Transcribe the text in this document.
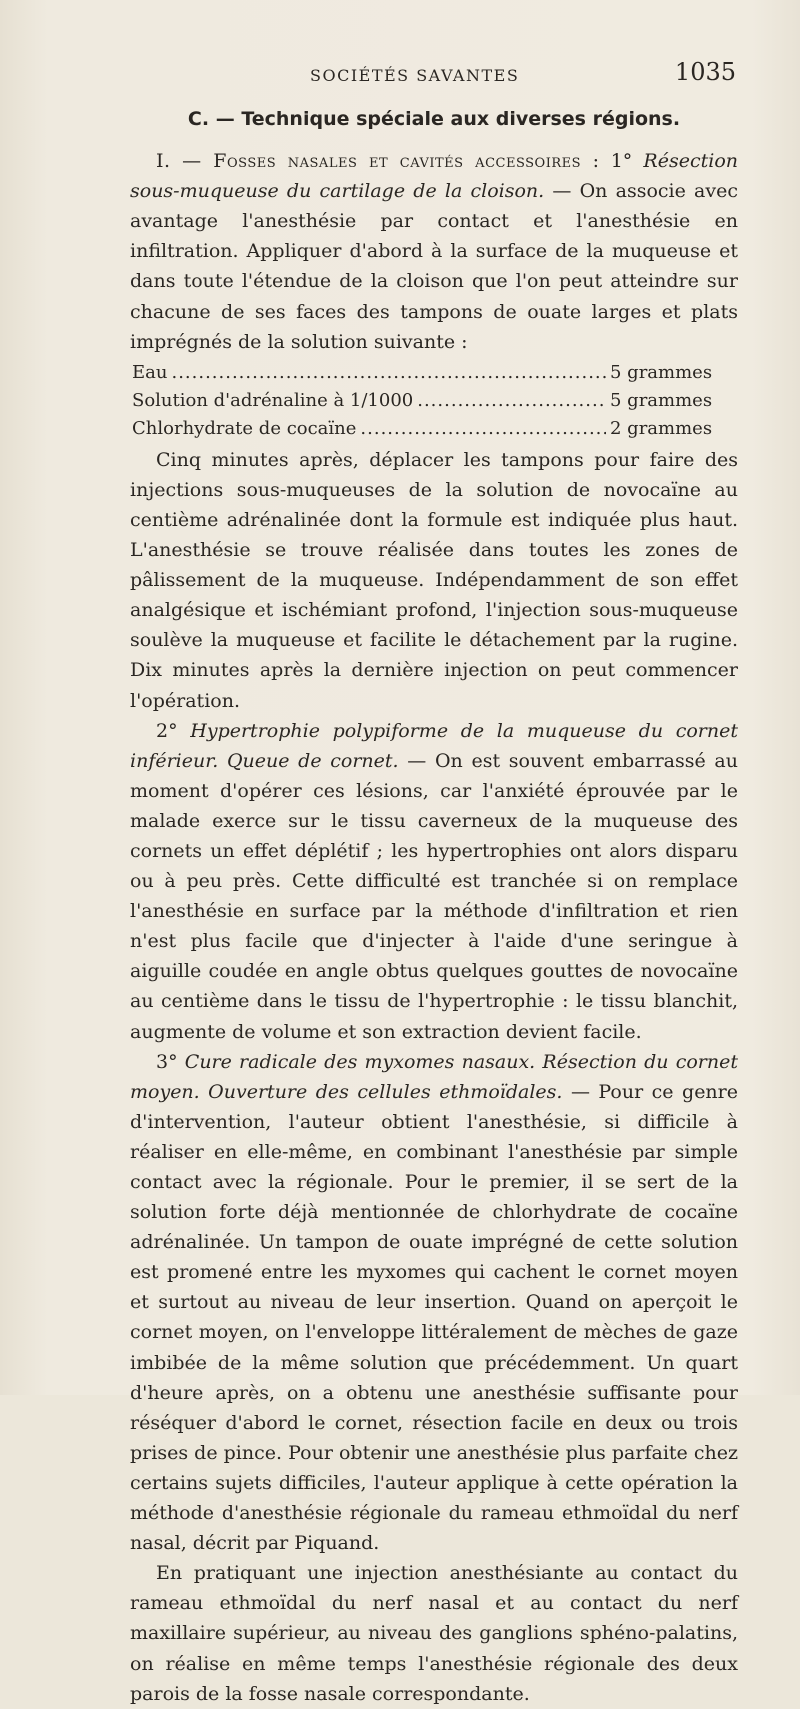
SOCIÉTÉS SAVANTES	1035
C. — Technique spéciale aux diverses régions.

I. — Fosses nasales et cavités accessoires : 1° Résection sous-muqueuse du cartilage de la cloison. — On associe avec avantage l'anesthésie par contact et l'anesthésie en infiltration. Appliquer d'abord à la surface de la muqueuse et dans toute l'étendue de la cloison que l'on peut atteindre sur chacune de ses faces des tampons de ouate larges et plats imprégnés de la solution suivante :

Eau .....	5 grammes
Solution d'adrénaline à 1/1000 .....	5 grammes
Chlorhydrate de cocaïne .....	2 grammes

Cinq minutes après, déplacer les tampons pour faire des injections sous-muqueuses de la solution de novocaïne au centième adrénalinée dont la formule est indiquée plus haut. L'anesthésie se trouve réalisée dans toutes les zones de pâlissement de la muqueuse. Indépendamment de son effet analgésique et ischémiant profond, l'injection sous-muqueuse soulève la muqueuse et facilite le détachement par la rugine. Dix minutes après la dernière injection on peut commencer l'opération.

2° Hypertrophie polypiforme de la muqueuse du cornet inférieur. Queue de cornet. — On est souvent embarrassé au moment d'opérer ces lésions, car l'anxiété éprouvée par le malade exerce sur le tissu caverneux de la muqueuse des cornets un effet déplétif ; les hypertrophies ont alors disparu ou à peu près. Cette difficulté est tranchée si on remplace l'anesthésie en surface par la méthode d'infiltration et rien n'est plus facile que d'injecter à l'aide d'une seringue à aiguille coudée en angle obtus quelques gouttes de novocaïne au centième dans le tissu de l'hypertrophie : le tissu blanchit, augmente de volume et son extraction devient facile.

3° Cure radicale des myxomes nasaux. Résection du cornet moyen. Ouverture des cellules ethmoïdales. — Pour ce genre d'intervention, l'auteur obtient l'anesthésie, si difficile à réaliser en elle-même, en combinant l'anesthésie par simple contact avec la régionale. Pour le premier, il se sert de la solution forte déjà mentionnée de chlorhydrate de cocaïne adrénalinée. Un tampon de ouate imprégné de cette solution est promené entre les myxomes qui cachent le cornet moyen et surtout au niveau de leur insertion. Quand on aperçoit le cornet moyen, on l'enveloppe littéralement de mèches de gaze imbibée de la même solution que précédemment. Un quart d'heure après, on a obtenu une anesthésie suffisante pour réséquer d'abord le cornet, résection facile en deux ou trois prises de pince. Pour obtenir une anesthésie plus parfaite chez certains sujets difficiles, l'auteur applique à cette opération la méthode d'anesthésie régionale du rameau ethmoïdal du nerf nasal, décrit par Piquand.

En pratiquant une injection anesthésiante au contact du rameau ethmoïdal du nerf nasal et au contact du nerf maxillaire supérieur, au niveau des ganglions sphéno-palatins, on réalise en même temps l'anesthésie régionale des deux parois de la fosse nasale correspondante.
